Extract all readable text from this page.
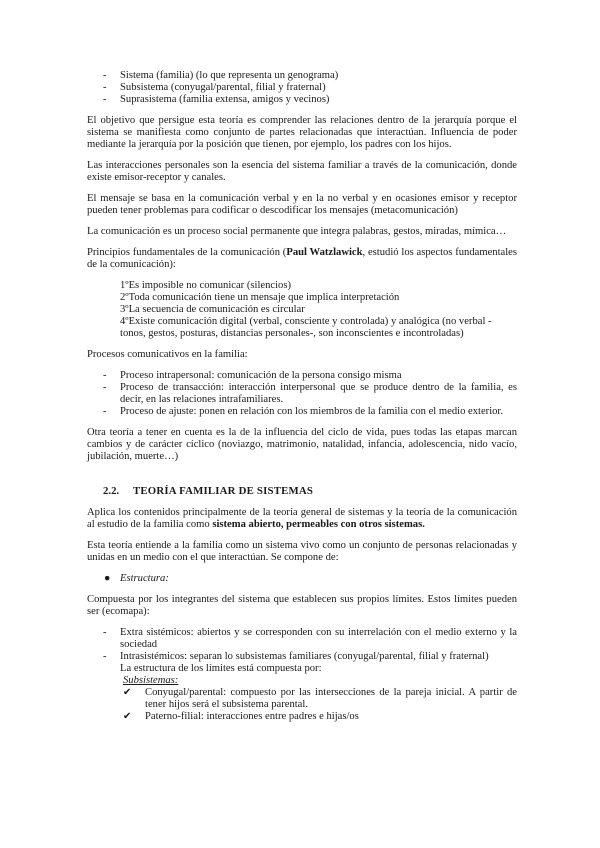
- Sistema (familia) (lo que representa un genograma)
- Subsistema (conyugal/parental, filial y fraternal)
- Suprasistema (familia extensa, amigos y vecinos)

El objetivo que persigue esta teoría es comprender las relaciones dentro de la jerarquía porque el sistema se manifiesta como conjunto de partes relacionadas que interactúan. Influencia de poder mediante la jerarquía por la posición que tienen, por ejemplo, los padres con los hijos.

Las interacciones personales son la esencia del sistema familiar a través de la comunicación, donde existe emisor-receptor y canales.

El mensaje se basa en la comunicación verbal y en la no verbal y en ocasiones emisor y receptor pueden tener problemas para codificar o descodificar los mensajes (metacomunicación)

La comunicación es un proceso social permanente que integra palabras, gestos, miradas, mímica…

Principios fundamentales de la comunicación (Paul Watzlawick, estudió los aspectos fundamentales de la comunicación):

1ºEs imposible no comunicar (silencios)
2ºToda comunicación tiene un mensaje que implica interpretación
3ºLa secuencia de comunicación es circular
4ºExiste comunicación digital (verbal, consciente y controlada) y analógica (no verbal -tonos, gestos, posturas, distancias personales-, son inconscientes e incontroladas)

Procesos comunicativos en la familia:

- Proceso intrapersonal: comunicación de la persona consigo misma
- Proceso de transacción: interacción interpersonal que se produce dentro de la familia, es decir, en las relaciones intrafamiliares.
- Proceso de ajuste: ponen en relación con los miembros de la familia con el medio exterior.

Otra teoría a tener en cuenta es la de la influencia del ciclo de vida, pues todas las etapas marcan cambios y de carácter cíclico (noviazgo, matrimonio, natalidad, infancia, adolescencia, nido vacío, jubilación, muerte…)

2.2. TEORÍA FAMILIAR DE SISTEMAS

Aplica los contenidos principalmente de la teoría general de sistemas y la teoría de la comunicación al estudio de la familia como sistema abierto, permeables con otros sistemas.

Esta teoría entiende a la familia como un sistema vivo como un conjunto de personas relacionadas y unidas en un medio con el que interactúan. Se compone de:

● Estructura:

Compuesta por los integrantes del sistema que establecen sus propios límites. Estos límites pueden ser (ecomapa):

- Extra sistémicos: abiertos y se corresponden con su interrelación con el medio externo y la sociedad
- Intrasistémicos: separan lo subsistemas familiares (conyugal/parental, filial y fraternal)
La estructura de los límites está compuesta por:
Subsistemas:
✔ Conyugal/parental: compuesto por las intersecciones de la pareja inicial. A partir de tener hijos será el subsistema parental.
✔ Paterno-filial: interacciones entre padres e hijas/os
